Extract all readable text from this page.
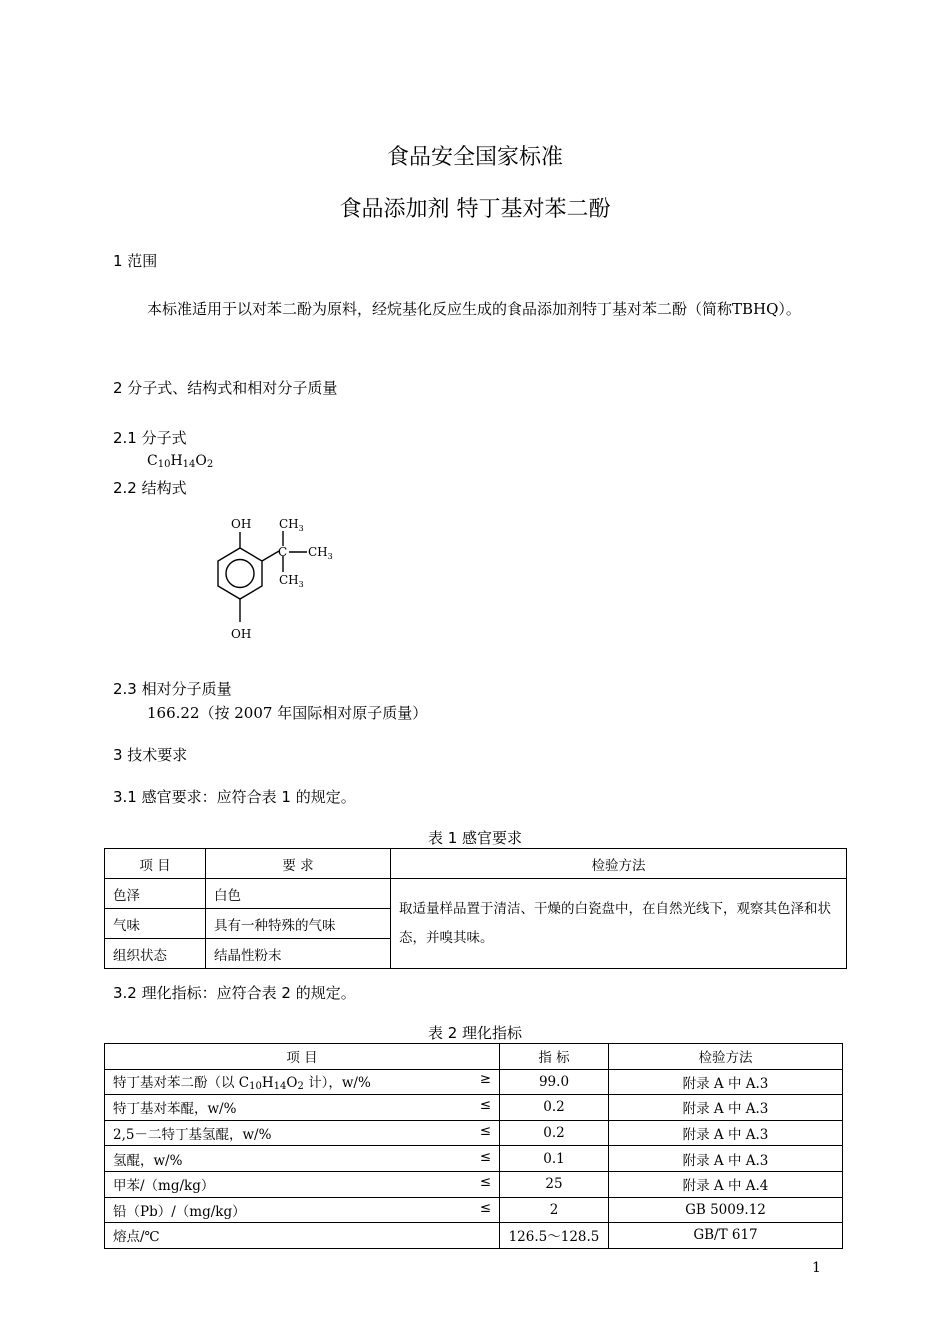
食品安全国家标准
食品添加剂 特丁基对苯二酚
1 范围
本标准适用于以对苯二酚为原料，经烷基化反应生成的食品添加剂特丁基对苯二酚（简称TBHQ）。
2 分子式、结构式和相对分子质量
2.1 分子式
$C_{10}H_{14}O_2$
2.2 结构式
OH
OH
C
$CH_3$
$CH_3$
$CH_3$
2.3 相对分子质量
166.22（按 2007 年国际相对原子质量）
3 技术要求
3.1 感官要求：应符合表 1 的规定。
表 1 感官要求
项 目	要 求	检验方法
色泽	白色	取适量样品置于清洁、干燥的白瓷盘中，在自然光线下，观察其色泽和状态，并嗅其味。
气味	具有一种特殊的气味	
组织状态	结晶性粉末	
3.2 理化指标：应符合表 2 的规定。
表 2 理化指标
项 目	指 标	检验方法
特丁基对苯二酚（以 $C_{10}H_{14}O_2$ 计），w/% ≥	99.0	附录 A 中 A.3
特丁基对苯醌，w/% ≤	0.2	附录 A 中 A.3
2,5－二特丁基氢醌，w/% ≤	0.2	附录 A 中 A.3
氢醌，w/% ≤	0.1	附录 A 中 A.3
甲苯/（mg/kg） ≤	25	附录 A 中 A.4
铅（Pb）/（mg/kg） ≤	2	GB 5009.12
熔点/℃	126.5～128.5	GB/T 617
1
